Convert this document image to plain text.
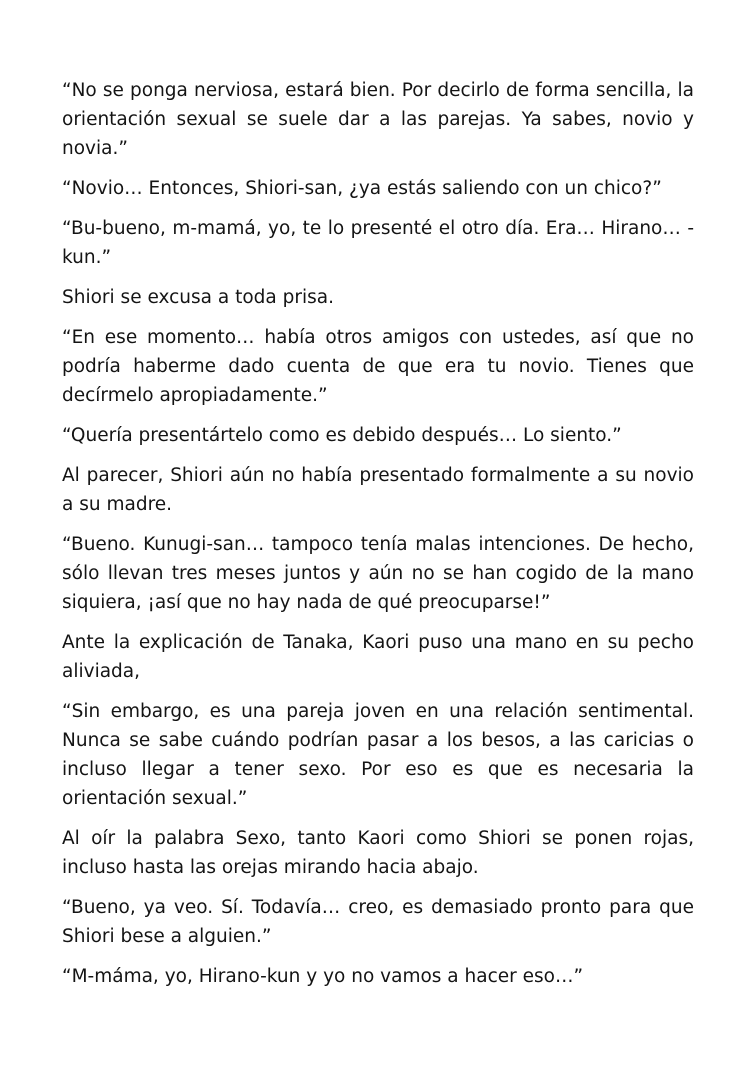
“No se ponga nerviosa, estará bien. Por decirlo de forma sencilla, la orientación sexual se suele dar a las parejas. Ya sabes, novio y novia.”

“Novio… Entonces, Shiori-san, ¿ya estás saliendo con un chico?”

“Bu-bueno, m-mamá, yo, te lo presenté el otro día. Era… Hirano… -kun.”

Shiori se excusa a toda prisa.

“En ese momento… había otros amigos con ustedes, así que no podría haberme dado cuenta de que era tu novio. Tienes que decírmelo apropiadamente.”

“Quería presentártelo como es debido después… Lo siento.”

Al parecer, Shiori aún no había presentado formalmente a su novio a su madre.

“Bueno. Kunugi-san… tampoco tenía malas intenciones. De hecho, sólo llevan tres meses juntos y aún no se han cogido de la mano siquiera, ¡así que no hay nada de qué preocuparse!”

Ante la explicación de Tanaka, Kaori puso una mano en su pecho aliviada,

“Sin embargo, es una pareja joven en una relación sentimental. Nunca se sabe cuándo podrían pasar a los besos, a las caricias o incluso llegar a tener sexo. Por eso es que es necesaria la orientación sexual.”

Al oír la palabra Sexo, tanto Kaori como Shiori se ponen rojas, incluso hasta las orejas mirando hacia abajo.

“Bueno, ya veo. Sí. Todavía… creo, es demasiado pronto para que Shiori bese a alguien.”

“M-máma, yo, Hirano-kun y yo no vamos a hacer eso…”
